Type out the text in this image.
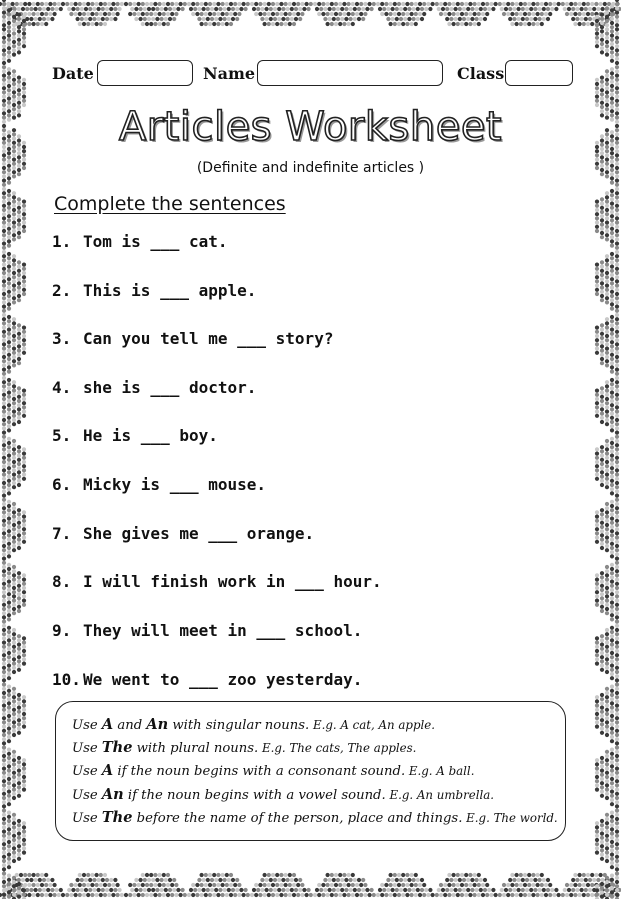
Date	Name	Class
Articles Worksheet
(Definite and indefinite articles )
Complete the sentences
1. Tom is ___ cat.
2. This is ___ apple.
3. Can you tell me ___ story?
4. she is ___ doctor.
5. He is ___ boy.
6. Micky is ___ mouse.
7. She gives me ___ orange.
8. I will finish work in ___ hour.
9. They will meet in ___ school.
10. We went to ___ zoo yesterday.
Use A and An with singular nouns. E.g. A cat, An apple.
Use The with plural nouns. E.g. The cats, The apples.
Use A if the noun begins with a consonant sound. E.g. A ball.
Use An if the noun begins with a vowel sound. E.g. An umbrella.
Use The before the name of the person, place and things. E.g. The world.
